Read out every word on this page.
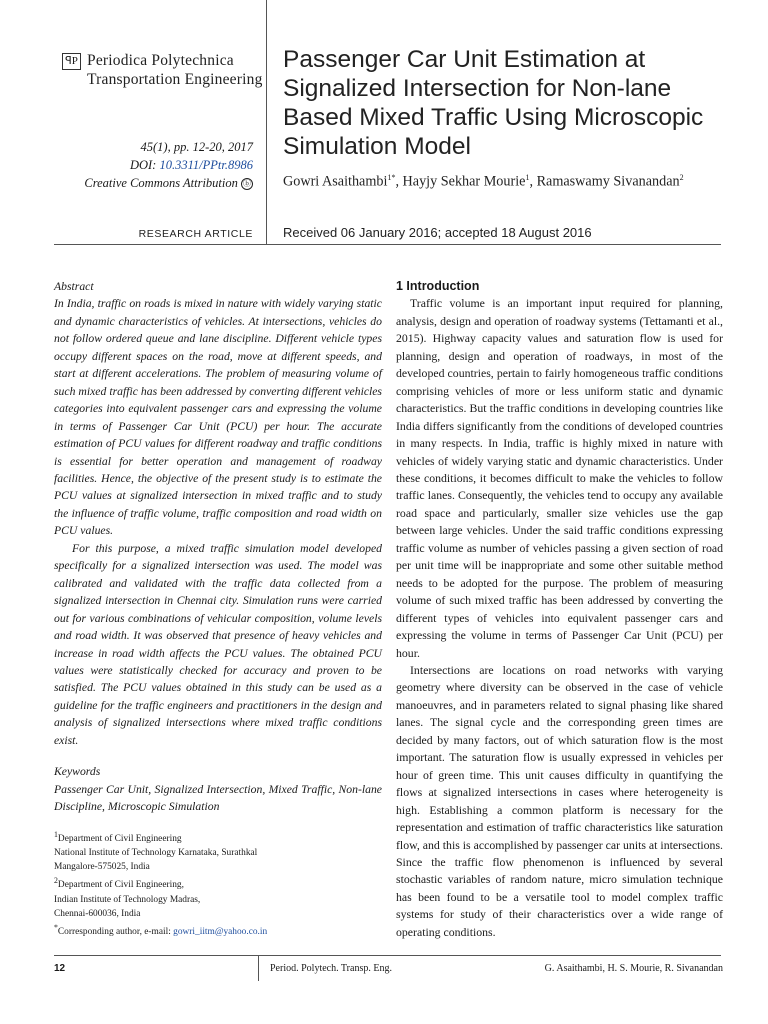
ꟼP Periodica Polytechnica
Transportation Engineering
45(1), pp. 12-20, 2017
DOI: 10.3311/PPtr.8986
Creative Commons Attribution ⓑ
RESEARCH ARTICLE
Passenger Car Unit Estimation at Signalized Intersection for Non-lane Based Mixed Traffic Using Microscopic Simulation Model
Gowri Asaithambi$^{1*}$, Hayjy Sekhar Mourie$^1$, Ramaswamy Sivanandan$^2$
Received 06 January 2016; accepted 18 August 2016
Abstract

In India, traffic on roads is mixed in nature with widely varying static and dynamic characteristics of vehicles. At intersections, vehicles do not follow ordered queue and lane discipline. Different vehicle types occupy different spaces on the road, move at different speeds, and start at different accelerations. The problem of measuring volume of such mixed traffic has been addressed by converting different vehicles categories into equivalent passenger cars and expressing the volume in terms of Passenger Car Unit (PCU) per hour. The accurate estimation of PCU values for different roadway and traffic conditions is essential for better operation and management of roadway facilities. Hence, the objective of the present study is to estimate the PCU values at signalized intersection in mixed traffic and to study the influence of traffic volume, traffic composition and road width on PCU values.

For this purpose, a mixed traffic simulation model developed specifically for a signalized intersection was used. The model was calibrated and validated with the traffic data collected from a signalized intersection in Chennai city. Simulation runs were carried out for various combinations of vehicular composition, volume levels and road width. It was observed that presence of heavy vehicles and increase in road width affects the PCU values. The obtained PCU values were statistically checked for accuracy and proven to be satisfied. The PCU values obtained in this study can be used as a guideline for the traffic engineers and practitioners in the design and analysis of signalized intersections where mixed traffic conditions exist.

Keywords

Passenger Car Unit, Signalized Intersection, Mixed Traffic, Non-lane Discipline, Microscopic Simulation

$^1$Department of Civil Engineering
National Institute of Technology Karnataka, Surathkal
Mangalore-575025, India
$^2$Department of Civil Engineering,
Indian Institute of Technology Madras,
Chennai-600036, India
*Corresponding author, e-mail: gowri_iitm@yahoo.co.in
1 Introduction

Traffic volume is an important input required for planning, analysis, design and operation of roadway systems (Tettamanti et al., 2015). Highway capacity values and saturation flow is used for planning, design and operation of roadways, in most of the developed countries, pertain to fairly homogeneous traffic conditions comprising vehicles of more or less uniform static and dynamic characteristics. But the traffic conditions in developing countries like India differs significantly from the conditions of developed countries in many respects. In India, traffic is highly mixed in nature with vehicles of widely varying static and dynamic characteristics. Under these conditions, it becomes difficult to make the vehicles to follow traffic lanes. Consequently, the vehicles tend to occupy any available road space and particularly, smaller size vehicles use the gap between large vehicles. Under the said traffic conditions expressing traffic volume as number of vehicles passing a given section of road per unit time will be inappropriate and some other suitable method needs to be adopted for the purpose. The problem of measuring volume of such mixed traffic has been addressed by converting the different types of vehicles into equivalent passenger cars and expressing the volume in terms of Passenger Car Unit (PCU) per hour.

Intersections are locations on road networks with varying geometry where diversity can be observed in the case of vehicle manoeuvres, and in parameters related to signal phasing like shared lanes. The signal cycle and the corresponding green times are decided by many factors, out of which saturation flow is the most important. The saturation flow is usually expressed in vehicles per hour of green time. This unit causes difficulty in quantifying the flows at signalized intersections in cases where heterogeneity is high. Establishing a common platform is necessary for the representation and estimation of traffic characteristics like saturation flow, and this is accomplished by passenger car units at intersections. Since the traffic flow phenomenon is influenced by several stochastic variables of random nature, micro simulation technique has been found to be a versatile tool to model complex traffic systems for study of their characteristics over a wide range of operating conditions.

12	Period. Polytech. Transp. Eng.	G. Asaithambi, H. S. Mourie, R. Sivanandan
